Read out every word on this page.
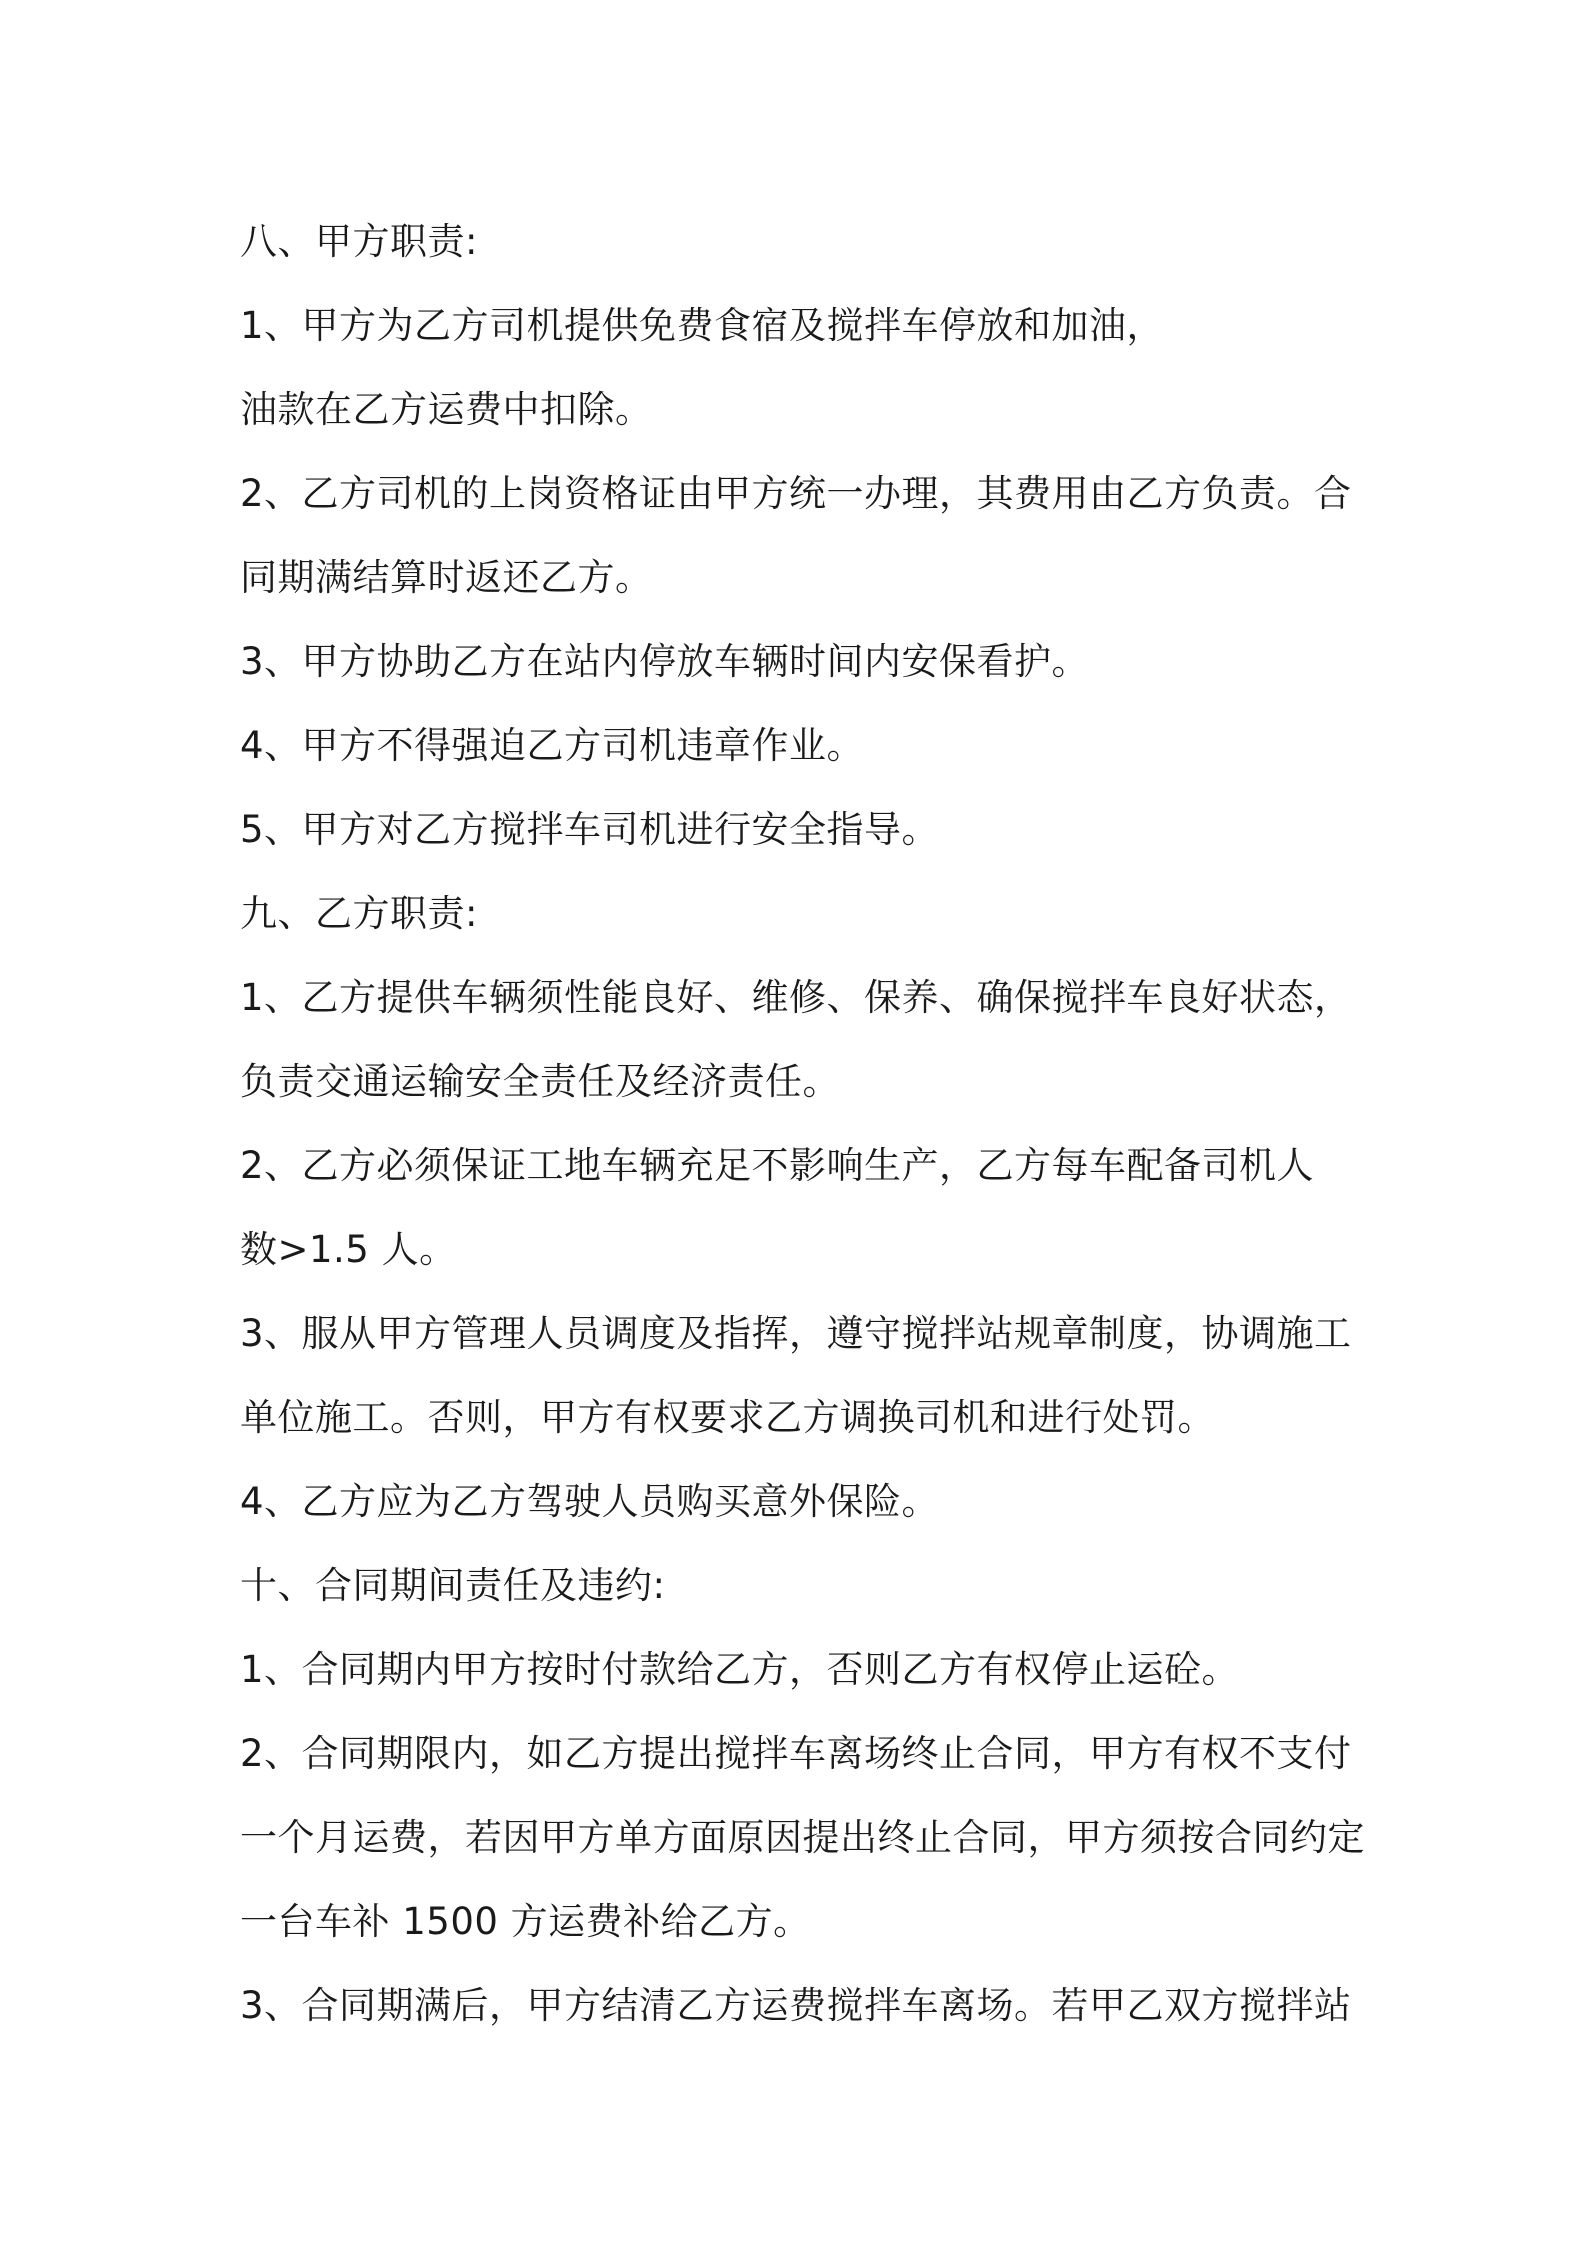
八、甲方职责:
1、甲方为乙方司机提供免费食宿及搅拌车停放和加油，
油款在乙方运费中扣除。
2、乙方司机的上岗资格证由甲方统一办理，其费用由乙方负责。合
同期满结算时返还乙方。
3、甲方协助乙方在站内停放车辆时间内安保看护。
4、甲方不得强迫乙方司机违章作业。
5、甲方对乙方搅拌车司机进行安全指导。
九、乙方职责:
1、乙方提供车辆须性能良好、维修、保养、确保搅拌车良好状态，
负责交通运输安全责任及经济责任。
2、乙方必须保证工地车辆充足不影响生产，乙方每车配备司机人
数>1.5 人。
3、服从甲方管理人员调度及指挥，遵守搅拌站规章制度，协调施工
单位施工。否则，甲方有权要求乙方调换司机和进行处罚。
4、乙方应为乙方驾驶人员购买意外保险。
十、合同期间责任及违约:
1、合同期内甲方按时付款给乙方，否则乙方有权停止运砼。
2、合同期限内，如乙方提出搅拌车离场终止合同，甲方有权不支付
一个月运费，若因甲方单方面原因提出终止合同，甲方须按合同约定
一台车补 1500 方运费补给乙方。
3、合同期满后，甲方结清乙方运费搅拌车离场。若甲乙双方搅拌站
